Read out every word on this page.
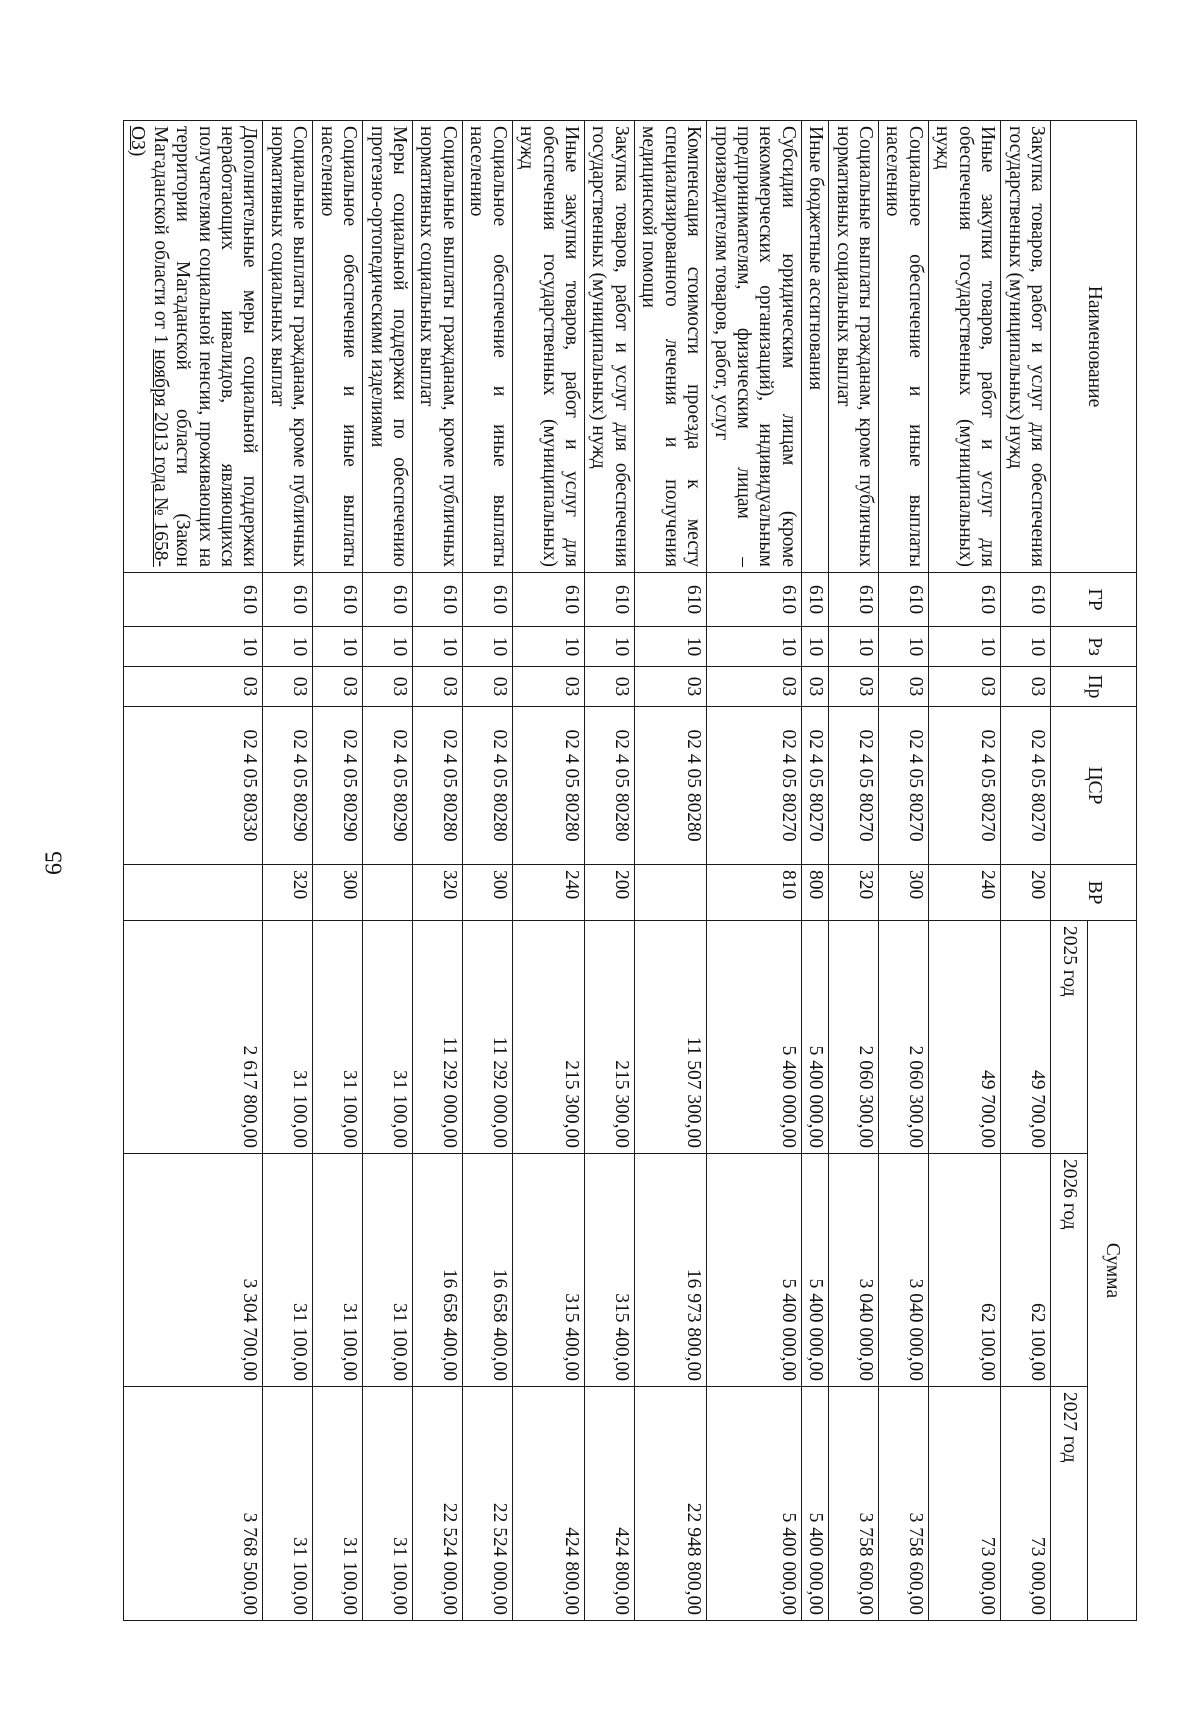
65
Наименование	ГР	Рз	Пр	ЦСР	ВР	Сумма		
						2025 год	2026 год	2027 год
Закупка товаров, работ и услуг для обеспечения государственных (муниципальных) нужд	610	10	03	02 4 05 80270	200	49 700,00	62 100,00	73 000,00
Иные закупки товаров, работ и услуг для обеспечения государственных (муниципальных) нужд	610	10	03	02 4 05 80270	240	49 700,00	62 100,00	73 000,00
Социальное обеспечение и иные выплаты населению	610	10	03	02 4 05 80270	300	2 060 300,00	3 040 000,00	3 758 600,00
Социальные выплаты гражданам, кроме публичных нормативных социальных выплат	610	10	03	02 4 05 80270	320	2 060 300,00	3 040 000,00	3 758 600,00
Иные бюджетные ассигнования	610	10	03	02 4 05 80270	800	5 400 000,00	5 400 000,00	5 400 000,00
Субсидии юридическим лицам (кроме некоммерческих организаций), индивидуальным предпринимателям, физическим лицам – производителям товаров, работ, услуг	610	10	03	02 4 05 80270	810	5 400 000,00	5 400 000,00	5 400 000,00
Компенсация стоимости проезда к месту специализированного лечения и получения медицинской помощи	610	10	03	02 4 05 80280		11 507 300,00	16 973 800,00	22 948 800,00
Закупка товаров, работ и услуг для обеспечения государственных (муниципальных) нужд	610	10	03	02 4 05 80280	200	215 300,00	315 400,00	424 800,00
Иные закупки товаров, работ и услуг для обеспечения государственных (муниципальных) нужд	610	10	03	02 4 05 80280	240	215 300,00	315 400,00	424 800,00
Социальное обеспечение и иные выплаты населению	610	10	03	02 4 05 80280	300	11 292 000,00	16 658 400,00	22 524 000,00
Социальные выплаты гражданам, кроме публичных нормативных социальных выплат	610	10	03	02 4 05 80280	320	11 292 000,00	16 658 400,00	22 524 000,00
Меры социальной поддержки по обеспечению протезно-ортопедическими изделиями	610	10	03	02 4 05 80290		31 100,00	31 100,00	31 100,00
Социальное обеспечение и иные выплаты населению	610	10	03	02 4 05 80290	300	31 100,00	31 100,00	31 100,00
Социальные выплаты гражданам, кроме публичных нормативных социальных выплат	610	10	03	02 4 05 80290	320	31 100,00	31 100,00	31 100,00
Дополнительные меры социальной поддержки неработающих инвалидов, являющихся получателями социальной пенсии, проживающих на территории Магаданской области (Закон Магаданской области от 1 ноября 2013 года № 1658-ОЗ)	610	10	03	02 4 05 80330		2 617 800,00	3 304 700,00	3 768 500,00
